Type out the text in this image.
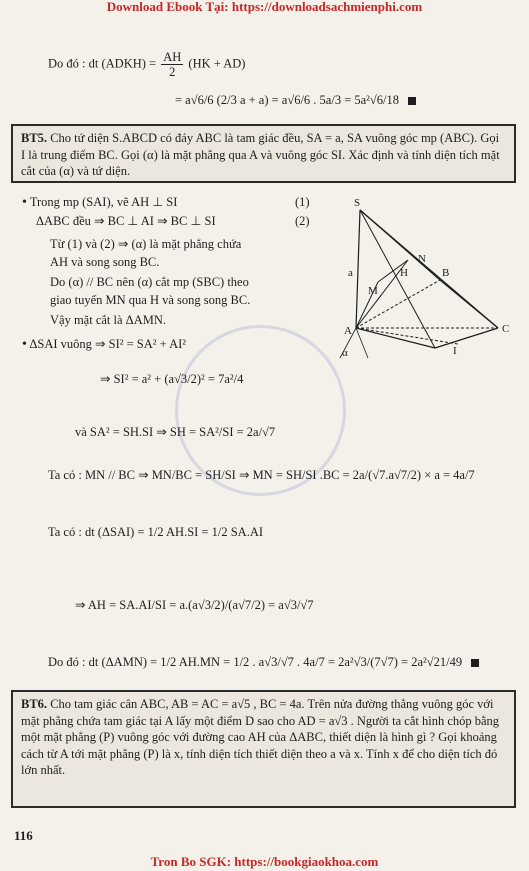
Download Ebook Tại: https://downloadsachmienphi.com
Do đó : dt (ADKH) = $\frac{AH}{2} (HK + AD)$
= a√6/6 (2/3 a + a) = a√6/6 . 5a/3 = 5a²√6/18
BT5. Cho tứ diện S.ABCD có đáy ABC là tam giác đều, SA = a, SA vuông góc mp (ABC). Gọi I là trung điểm BC. Gọi (α) là mặt phẳng qua A và vuông góc SI. Xác định và tính diện tích mặt cắt của (α) và tứ diện.
• Trong mp (SAI), vẽ AH ⊥ SI	(1)
ΔABC đều ⇒ BC ⊥ AI ⇒ BC ⊥ SI	(2)
Từ (1) và (2) ⇒ (α) là mặt phẳng chứa
AH và song song BC.
Do (α) // BC nên (α) cắt mp (SBC) theo
giao tuyến MN qua H và song song BC.
Vậy mặt cắt là ΔAMN.
• ΔSAI vuông ⇒ SI² = SA² + AI²
α
S
N
H
M
a
A
B
C
I
⇒ SI² = a² + (a√3/2)² = 7a²/4
và SA² = SH.SI ⇒ SH = SA²/SI = 2a/√7
Ta có : MN // BC ⇒ MN/BC = SH/SI ⇒ MN = SH/SI .BC = 2a/(√7.a√7/2) × a = 4a/7
Ta có : dt (ΔSAI) = 1/2 AH.SI = 1/2 SA.AI
⇒ AH = SA.AI/SI = a.(a√3/2)/(a√7/2) = a√3/√7
Do đó : dt (ΔAMN) = 1/2 AH.MN = 1/2 . a√3/√7 . 4a/7 = 2a²√3/(7√7) = 2a²√21/49
BT6. Cho tam giác cân ABC, AB = AC = a√5 , BC = 4a. Trên nửa đường thẳng vuông góc với mặt phẳng chứa tam giác tại A lấy một điểm D sao cho AD = a√3 . Người ta cắt hình chóp bằng một mặt phẳng (P) vuông góc với đường cao AH của ΔABC, thiết diện là hình gì ? Gọi khoảng cách từ A tới mặt phẳng (P) là x, tính diện tích thiết diện theo a và x. Tính x để cho diện tích đó lớn nhất.
116
Tron Bo SGK: https://bookgiaokhoa.com
